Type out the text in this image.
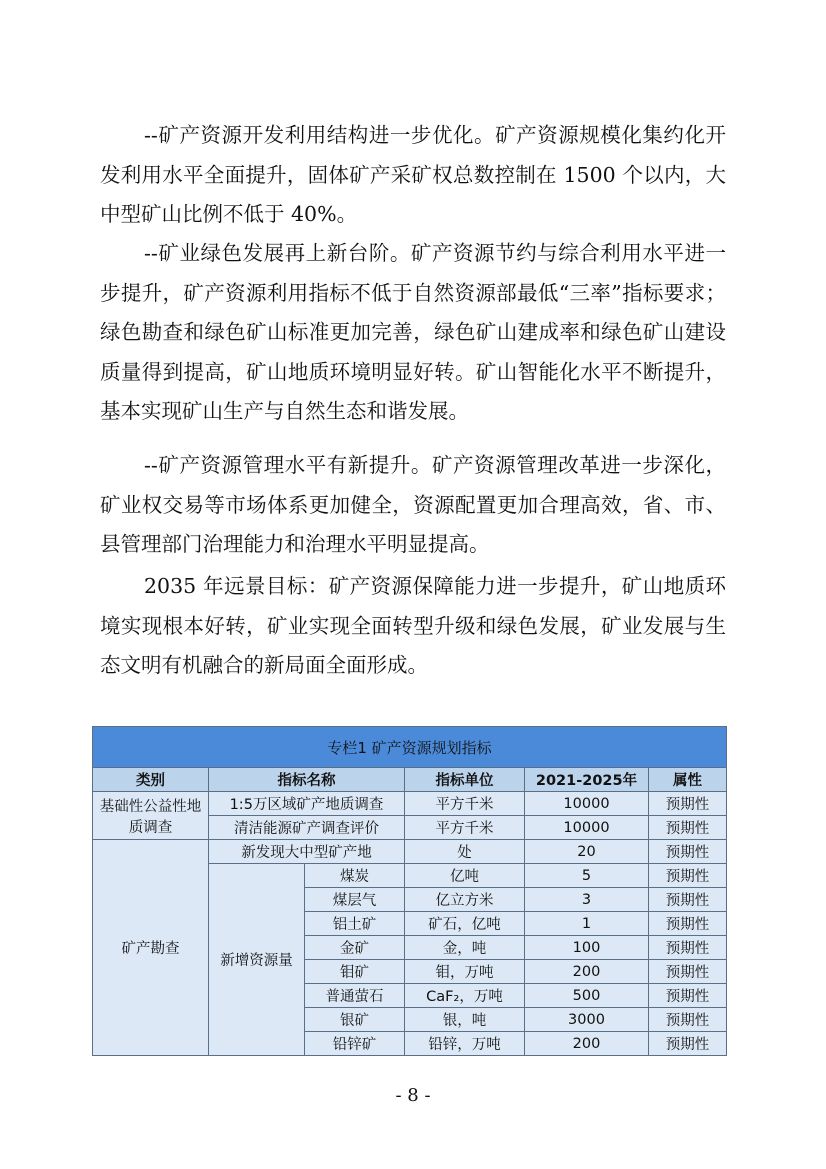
--矿产资源开发利用结构进一步优化。矿产资源规模化集约化开发利用水平全面提升，固体矿产采矿权总数控制在 1500 个以内，大中型矿山比例不低于 40%。

--矿业绿色发展再上新台阶。矿产资源节约与综合利用水平进一步提升，矿产资源利用指标不低于自然资源部最低“三率”指标要求；绿色勘查和绿色矿山标准更加完善，绿色矿山建成率和绿色矿山建设质量得到提高，矿山地质环境明显好转。矿山智能化水平不断提升，基本实现矿山生产与自然生态和谐发展。

--矿产资源管理水平有新提升。矿产资源管理改革进一步深化，矿业权交易等市场体系更加健全，资源配置更加合理高效，省、市、县管理部门治理能力和治理水平明显提高。

2035 年远景目标：矿产资源保障能力进一步提升，矿山地质环境实现根本好转，矿业实现全面转型升级和绿色发展，矿业发展与生态文明有机融合的新局面全面形成。

专栏1 矿产资源规划指标					
类别	指标名称		指标单位	2021-2025年	属性
基础性公益性地质调查	1:5万区域矿产地质调查		平方千米	10000	预期性
	清洁能源矿产调查评价		平方千米	10000	预期性
矿产勘查	新发现大中型矿产地		处	20	预期性
	新增资源量	煤炭	亿吨	5	预期性
		煤层气	亿立方米	3	预期性
		铝土矿	矿石，亿吨	1	预期性
		金矿	金，吨	100	预期性
		钼矿	钼，万吨	200	预期性
		普通萤石	CaF₂，万吨	500	预期性
		银矿	银，吨	3000	预期性
		铅锌矿	铅锌，万吨	200	预期性
- 8 -
